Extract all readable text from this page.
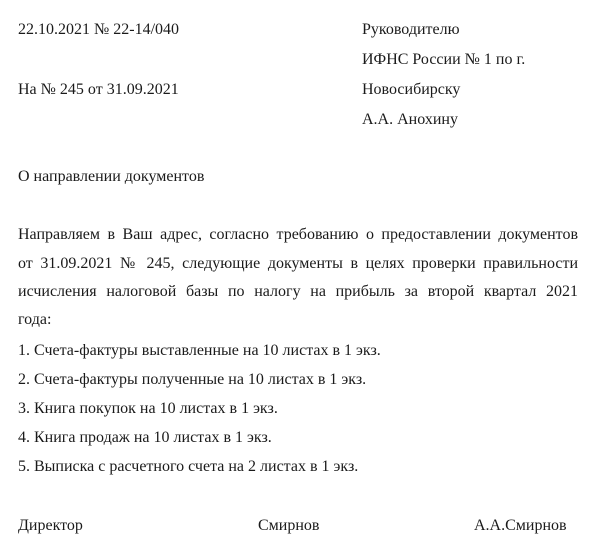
22.10.2021 № 22-14/040
На № 245 от 31.09.2021
Руководителю
ИФНС России № 1 по г.
Новосибирску
А.А. Анохину
О направлении документов
Направляем в Ваш адрес, согласно требованию о предоставлении документов
от 31.09.2021 № 245, следующие документы в целях проверки правильности
исчисления налоговой базы по налогу на прибыль за второй квартал 2021
года:
1. Счета-фактуры выставленные на 10 листах в 1 экз.
2. Счета-фактуры полученные на 10 листах в 1 экз.
3. Книга покупок на 10 листах в 1 экз.
4. Книга продаж на 10 листах в 1 экз.
5. Выписка с расчетного счета на 2 листах в 1 экз.
Директор	Смирнов	А.А.Смирнов
